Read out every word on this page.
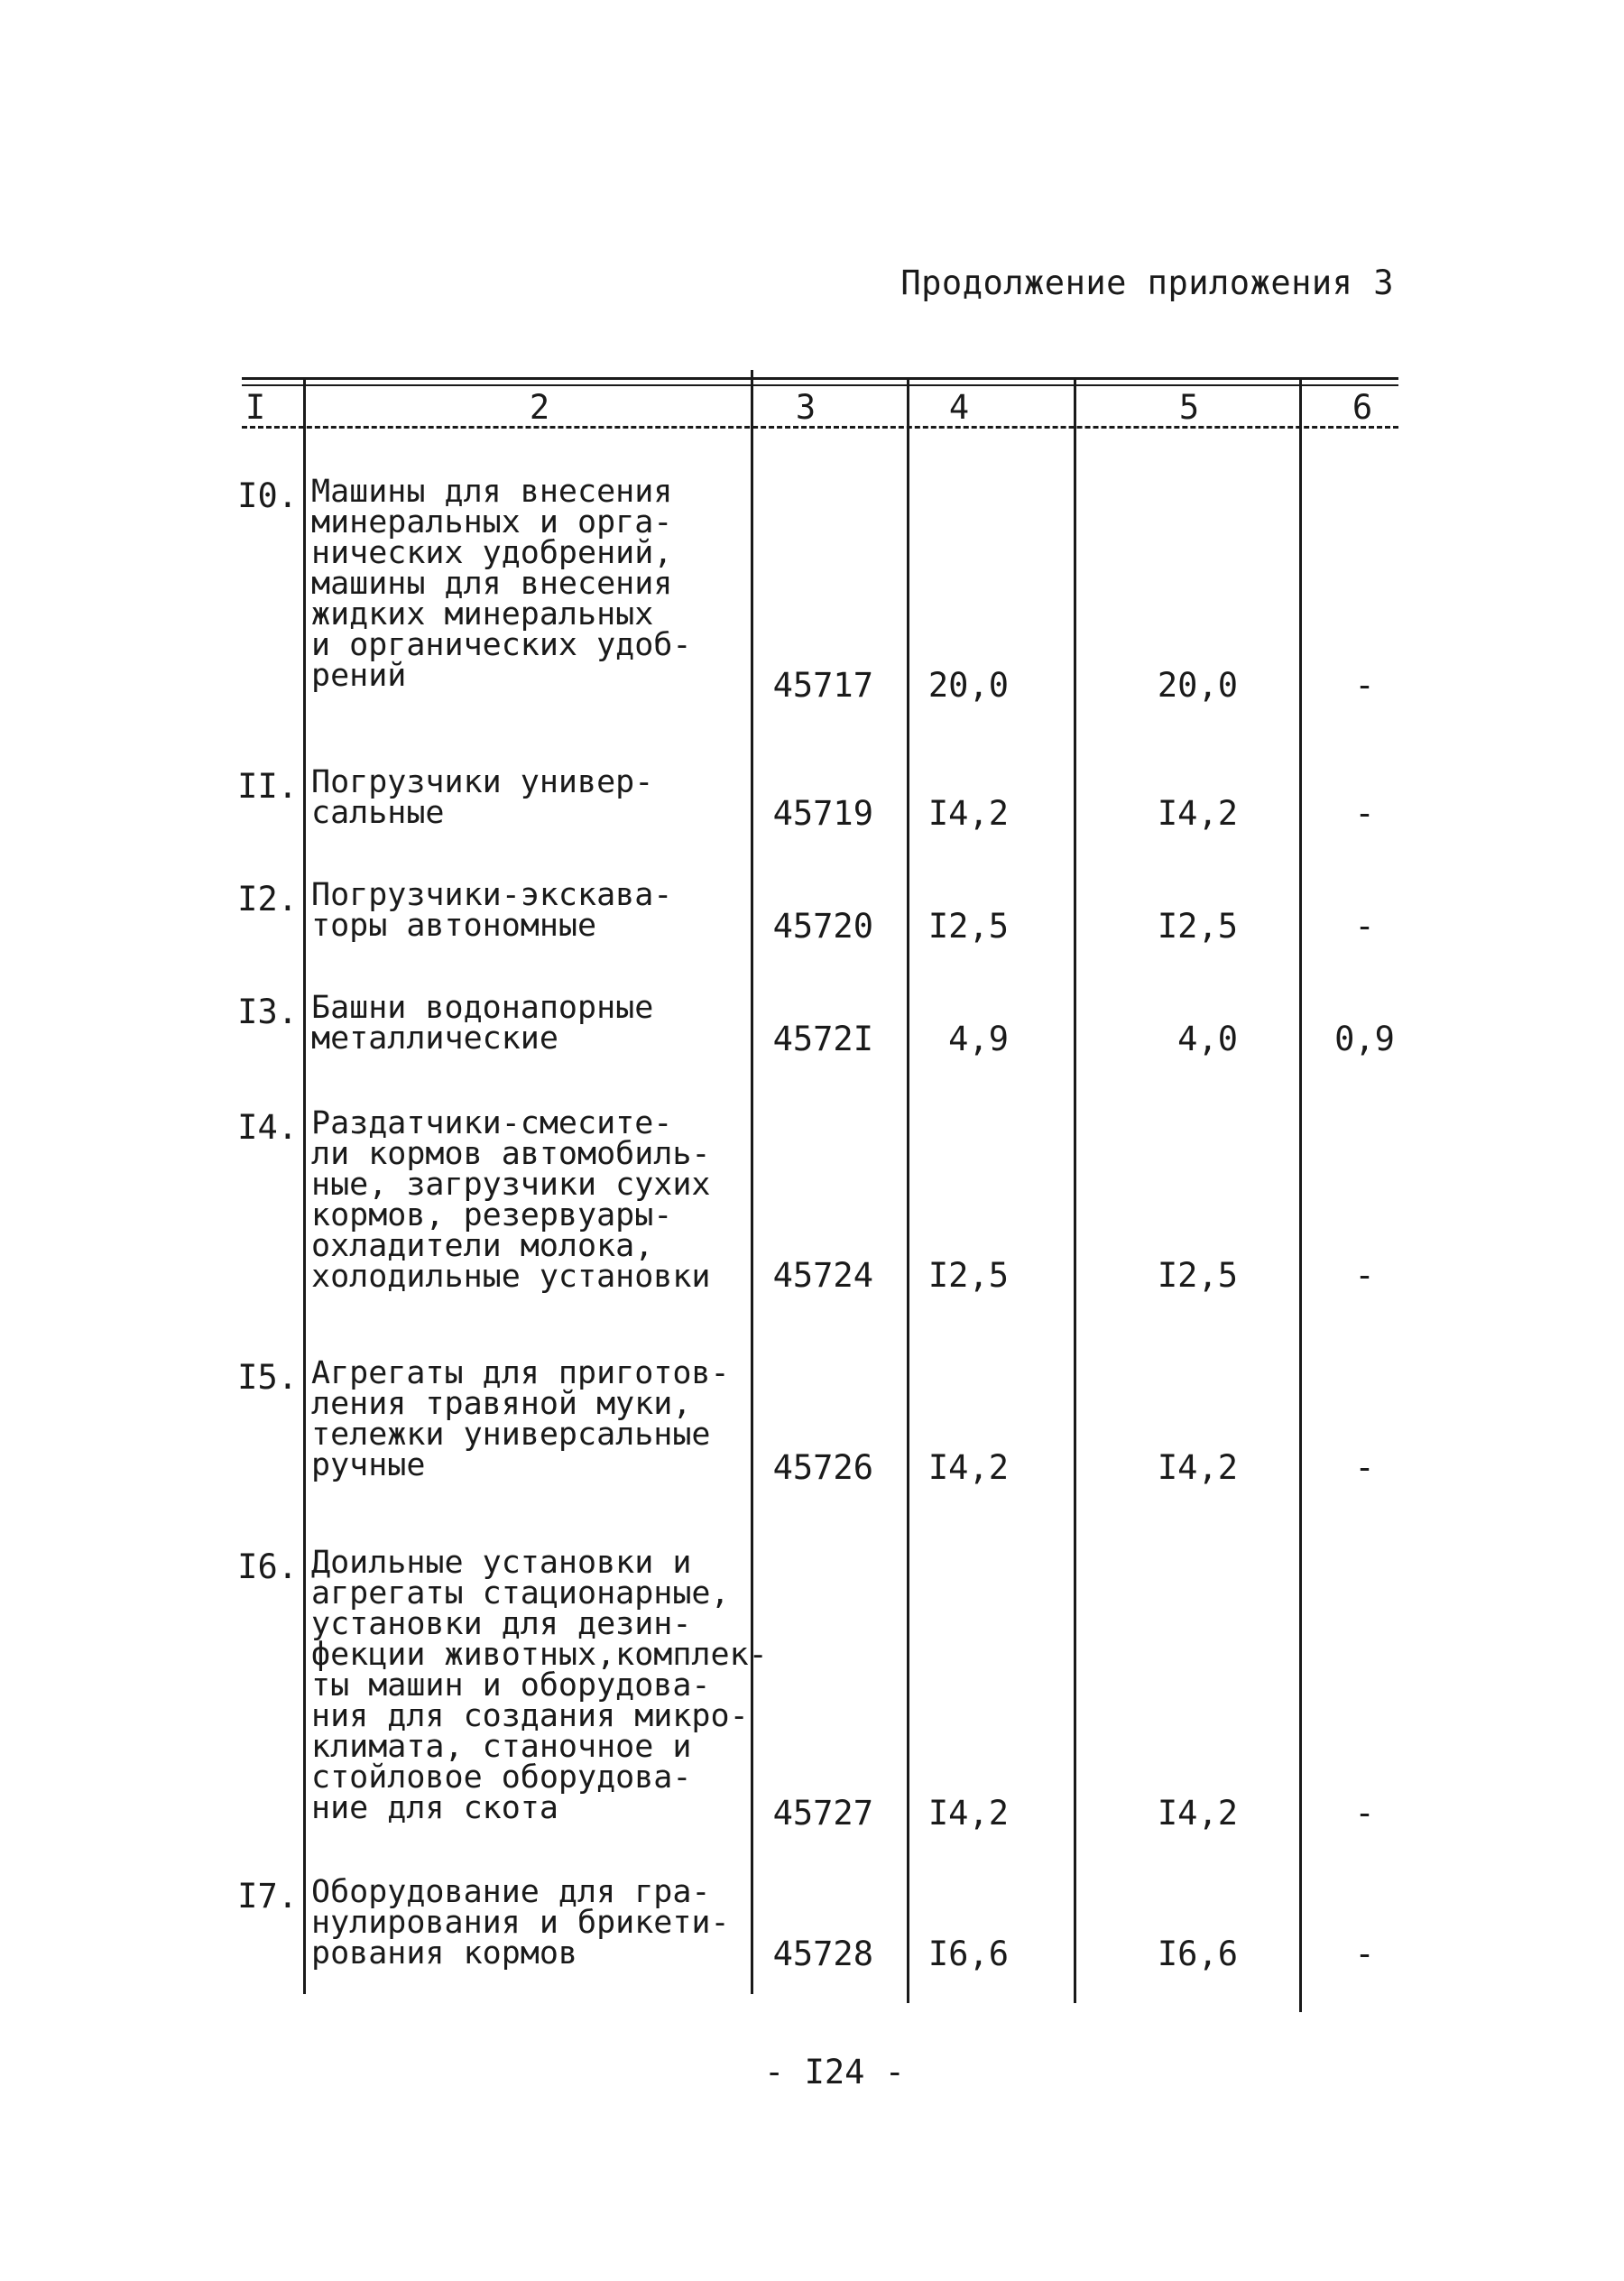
Продолжение приложения 3
I	2	3	4	5	6
I0. Машины для внесения
минеральных и орга-
нических удобрений,
машины для внесения
жидких минеральных
и органических удоб-
рений	45717 20,0	20,0	-
II. Погрузчики универ-
сальные	45719 I4,2	I4,2	-
I2. Погрузчики-экскава-
торы автономные	45720 I2,5	I2,5	-
I3. Башни водонапорные
металлические	4572I 4,9	4,0	0,9
I4. Раздатчики-смесите-
ли кормов автомобиль-
ные, загрузчики сухих
кормов, резервуары-
охладители молока,
холодильные установки	45724 I2,5	I2,5	-
I5. Агрегаты для приготов-
ления травяной муки,
тележки универсальные
ручные	45726 I4,2	I4,2	-
I6. Доильные установки и
агрегаты стационарные,
установки для дезин-
фекции животных,комплек-
ты машин и оборудова-
ния для создания микро-
климата, станочное и
стойловое оборудова-
ние для скота	45727 I4,2	I4,2	-
I7. Оборудование для гра-
нулирования и брикети-
рования кормов	45728 I6,6	I6,6	-
- I24 -
